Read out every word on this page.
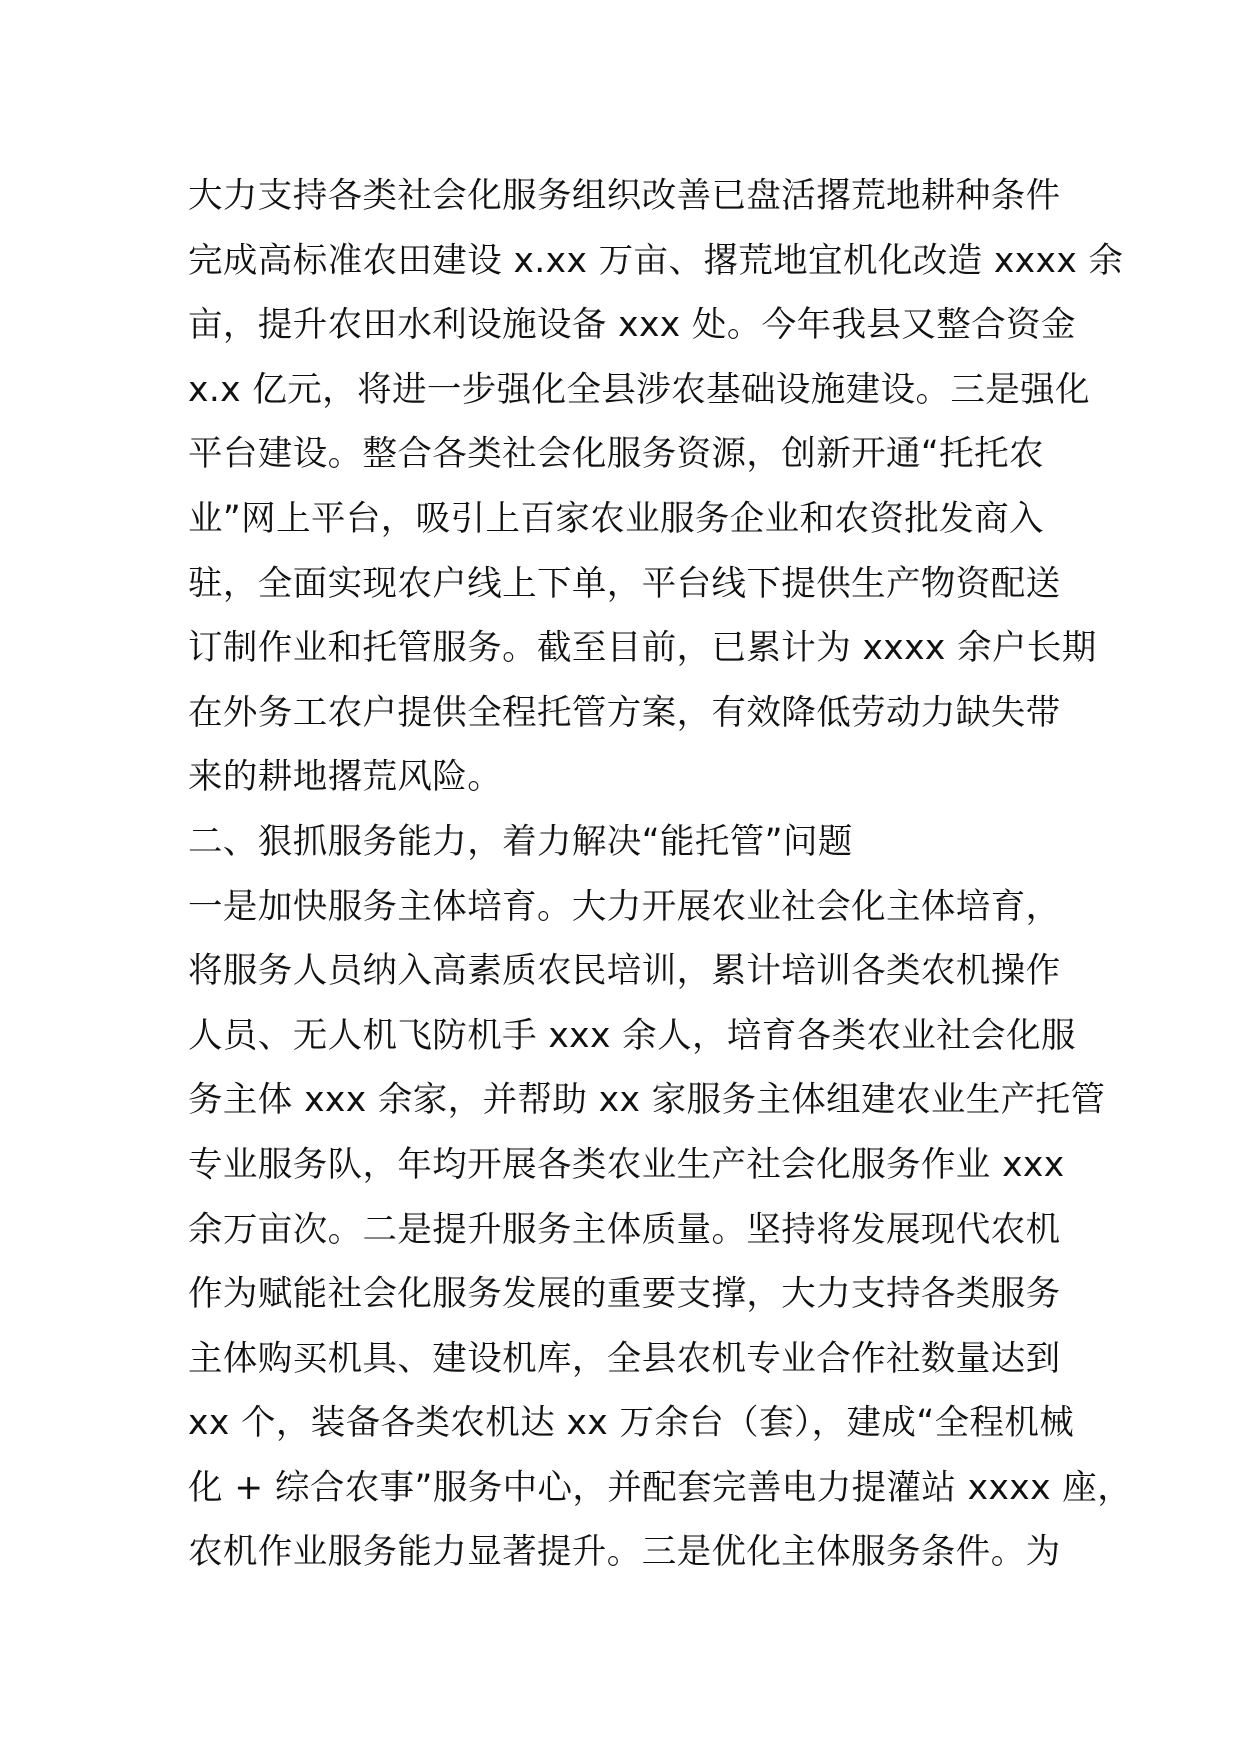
大力支持各类社会化服务组织改善已盘活撂荒地耕种条件
完成高标准农田建设 x.xx 万亩、撂荒地宜机化改造 xxxx 余
亩，提升农田水利设施设备 xxx 处。今年我县又整合资金
x.x 亿元，将进一步强化全县涉农基础设施建设。三是强化
平台建设。整合各类社会化服务资源，创新开通“托托农
业”网上平台，吸引上百家农业服务企业和农资批发商入
驻，全面实现农户线上下单，平台线下提供生产物资配送
订制作业和托管服务。截至目前，已累计为 xxxx 余户长期
在外务工农户提供全程托管方案，有效降低劳动力缺失带
来的耕地撂荒风险。
二、狠抓服务能力，着力解决“能托管”问题
一是加快服务主体培育。大力开展农业社会化主体培育，
将服务人员纳入高素质农民培训，累计培训各类农机操作
人员、无人机飞防机手 xxx 余人，培育各类农业社会化服
务主体 xxx 余家，并帮助 xx 家服务主体组建农业生产托管
专业服务队，年均开展各类农业生产社会化服务作业 xxx
余万亩次。二是提升服务主体质量。坚持将发展现代农机
作为赋能社会化服务发展的重要支撑，大力支持各类服务
主体购买机具、建设机库，全县农机专业合作社数量达到
xx 个，装备各类农机达 xx 万余台（套），建成“全程机械
化 + 综合农事”服务中心，并配套完善电力提灌站 xxxx 座，
农机作业服务能力显著提升。三是优化主体服务条件。为
